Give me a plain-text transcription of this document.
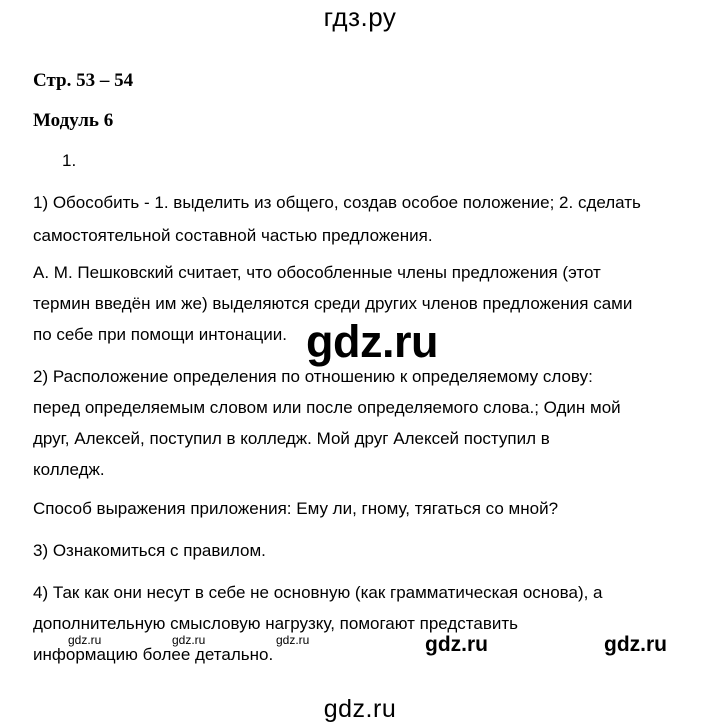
гдз.ру
Стр. 53 – 54
Модуль 6
1.
1) Обособить - 1. выделить из общего, создав особое положение; 2. сделать
самостоятельной составной частью предложения.
А. М. Пешковский считает, что обособленные члены предложения (этот
термин введён им же) выделяются среди других членов предложения сами
по себе при помощи интонации.
2) Расположение определения по отношению к определяемому слову:
перед определяемым словом или после определяемого слова.; Один мой
друг, Алексей, поступил в колледж. Мой друг Алексей поступил в
колледж.
Способ выражения приложения: Ему ли, гному, тягаться со мной?
3) Ознакомиться с правилом.
4) Так как они несут в себе не основную (как грамматическая основа), а
дополнительную смысловую нагрузку, помогают представить
информацию более детально.
gdz.ru
gdz.ru	gdz.ru	gdz.ru	gdz.ru	gdz.ru
gdz.ru
